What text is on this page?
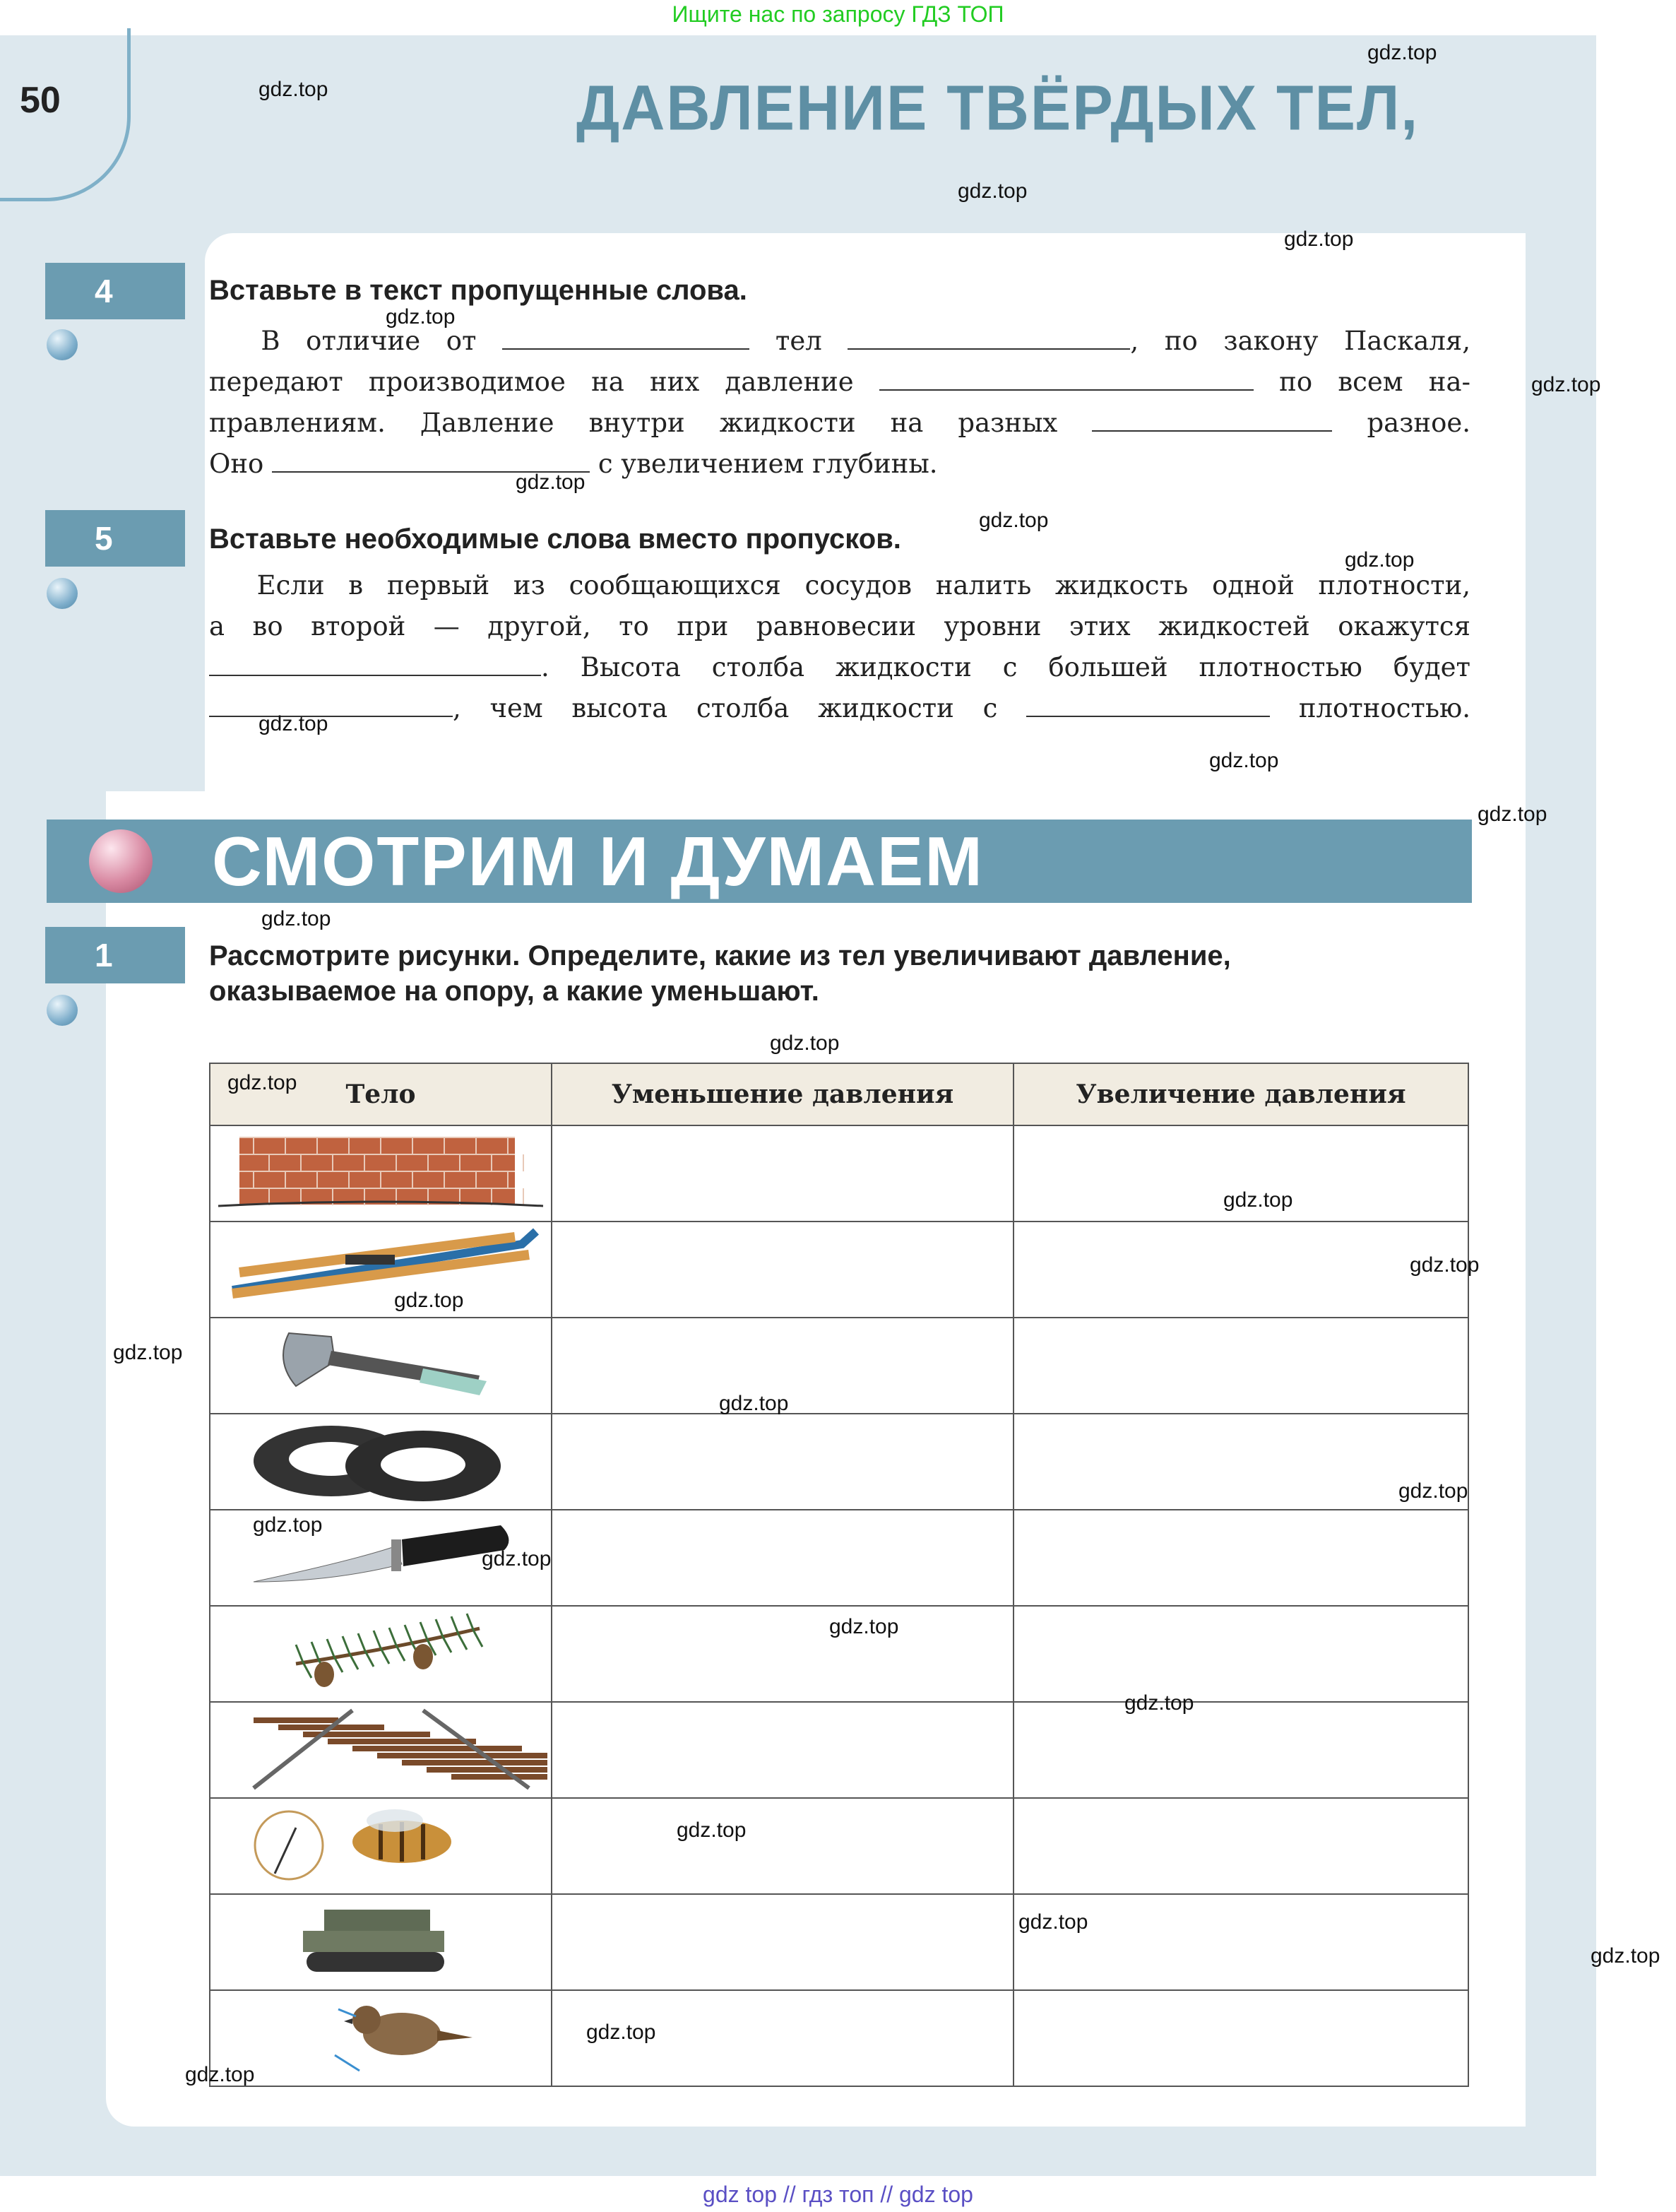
Ищите нас по запросу ГДЗ ТОП
50	ДАВЛЕНИЕ ТВЁРДЫХ ТЕЛ,
4	Вставьте в текст пропущенные слова.
В отличие от	тел	, по закону Паскаля,
передают производимое на них давление	по всем на-
правлениям. Давление внутри жидкости на разных	разное.
Оно	с увеличением глубины.
5	Вставьте необходимые слова вместо пропусков.
Если в первый из сообщающихся сосудов налить жидкость одной плотности,
а во второй — другой, то при равновесии уровни этих жидкостей окажутся
. Высота столба жидкости с большей плотностью будет
, чем высота столба жидкости с	плотностью.
СМОТРИМ И ДУМАЕМ
1	Рассмотрите рисунки. Определите, какие из тел увеличивают давление,
оказываемое на опору, а какие уменьшают.
Тело	Уменьшение давления	Увеличение давления

gdz.top
gdz.top
gdz.top
gdz.top
gdz.top
gdz.top
gdz.top
gdz.top
gdz.top
gdz.top
gdz.top
gdz.top
gdz.top
gdz.top
gdz.top
gdz.top
gdz.top
gdz.top
gdz.top
gdz.top
gdz.top
gdz.top
gdz.top
gdz.top
gdz.top
gdz.top
gdz.top
gdz.top
gdz.top
gdz.top
gdz top // гдз топ // gdz top
